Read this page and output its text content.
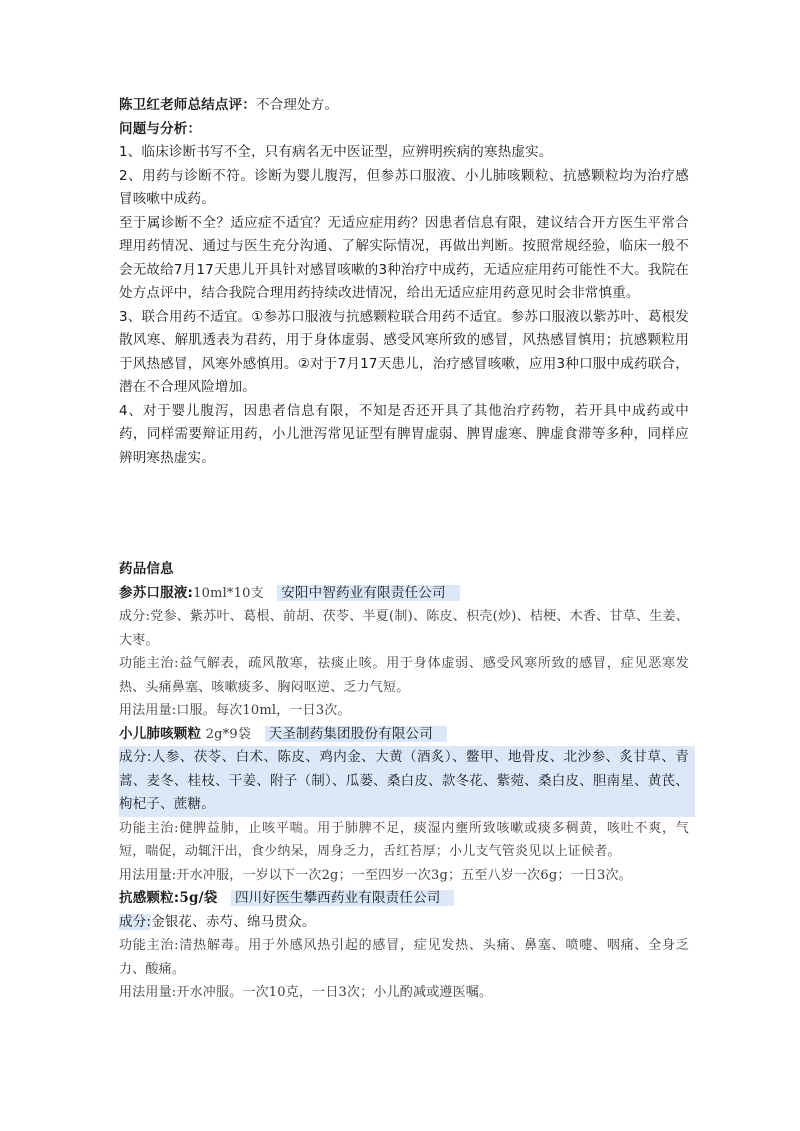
陈卫红老师总结点评：不合理处方。
问题与分析：
1、临床诊断书写不全，只有病名无中医证型，应辨明疾病的寒热虚实。
2、用药与诊断不符。诊断为婴儿腹泻，但参苏口服液、小儿肺咳颗粒、抗感颗粒均为治疗感冒咳嗽中成药。
至于属诊断不全？适应症不适宜？无适应症用药？因患者信息有限，建议结合开方医生平常合理用药情况、通过与医生充分沟通、了解实际情况，再做出判断。按照常规经验，临床一般不会无故给7月17天患儿开具针对感冒咳嗽的3种治疗中成药，无适应症用药可能性不大。我院在处方点评中，结合我院合理用药持续改进情况，给出无适应症用药意见时会非常慎重。
3、联合用药不适宜。①参苏口服液与抗感颗粒联合用药不适宜。参苏口服液以紫苏叶、葛根发散风寒、解肌透表为君药，用于身体虚弱、感受风寒所致的感冒，风热感冒慎用；抗感颗粒用于风热感冒，风寒外感慎用。②对于7月17天患儿，治疗感冒咳嗽，应用3种口服中成药联合，潜在不合理风险增加。
4、对于婴儿腹泻，因患者信息有限，不知是否还开具了其他治疗药物，若开具中成药或中药，同样需要辩证用药，小儿泄泻常见证型有脾胃虚弱、脾胃虚寒、脾虚食滞等多种，同样应辨明寒热虚实。
药品信息
参苏口服液:10ml*10支 安阳中智药业有限责任公司
成分:党参、紫苏叶、葛根、前胡、茯苓、半夏(制)、陈皮、枳壳(炒)、桔梗、木香、甘草、生姜、大枣。
功能主治:益气解表，疏风散寒，祛痰止咳。用于身体虚弱、感受风寒所致的感冒，症见恶寒发热、头痛鼻塞、咳嗽痰多、胸闷呕逆、乏力气短。
用法用量:口服。每次10ml，一日3次。
小儿肺咳颗粒 2g*9袋 天圣制药集团股份有限公司
成分:人参、茯苓、白术、陈皮、鸡内金、大黄（酒炙）、鳖甲、地骨皮、北沙参、炙甘草、青蒿、麦冬、桂枝、干姜、附子（制）、瓜蒌、桑白皮、款冬花、紫菀、桑白皮、胆南星、黄芪、枸杞子、蔗糖。
功能主治:健脾益肺，止咳平喘。用于肺脾不足，痰湿内壅所致咳嗽或痰多稠黄，咳吐不爽，气短，喘促，动辄汗出，食少纳呆，周身乏力，舌红苔厚；小儿支气管炎见以上证候者。
用法用量:开水冲服，一岁以下一次2g；一至四岁一次3g；五至八岁一次6g；一日3次。
抗感颗粒:5g/袋 四川好医生攀西药业有限责任公司
成分:金银花、赤芍、绵马贯众。
功能主治:清热解毒。用于外感风热引起的感冒，症见发热、头痛、鼻塞、喷嚏、咽痛、全身乏力、酸痛。
用法用量:开水冲服。一次10克，一日3次；小儿酌减或遵医嘱。
